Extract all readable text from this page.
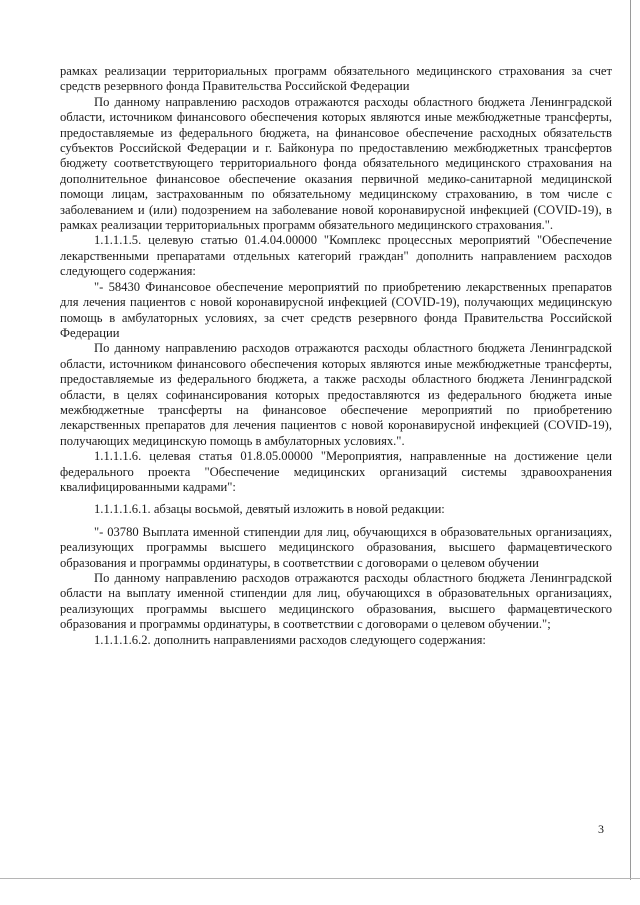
рамках реализации территориальных программ обязательного медицинского страхования за счет средств резервного фонда Правительства Российской Федерации

По данному направлению расходов отражаются расходы областного бюджета Ленинградской области, источником финансового обеспечения которых являются иные межбюджетные трансферты, предоставляемые из федерального бюджета, на финансовое обеспечение расходных обязательств субъектов Российской Федерации и г. Байконура по предоставлению межбюджетных трансфертов бюджету соответствующего территориального фонда обязательного медицинского страхования на дополнительное финансовое обеспечение оказания первичной медико-санитарной медицинской помощи лицам, застрахованным по обязательному медицинскому страхованию, в том числе с заболеванием и (или) подозрением на заболевание новой коронавирусной инфекцией (COVID-19), в рамках реализации территориальных программ обязательного медицинского страхования.".

1.1.1.1.5. целевую статью 01.4.04.00000 "Комплекс процессных мероприятий "Обеспечение лекарственными препаратами отдельных категорий граждан" дополнить направлением расходов следующего содержания:

"- 58430 Финансовое обеспечение мероприятий по приобретению лекарственных препаратов для лечения пациентов с новой коронавирусной инфекцией (COVID-19), получающих медицинскую помощь в амбулаторных условиях, за счет средств резервного фонда Правительства Российской Федерации

По данному направлению расходов отражаются расходы областного бюджета Ленинградской области, источником финансового обеспечения которых являются иные межбюджетные трансферты, предоставляемые из федерального бюджета, а также расходы областного бюджета Ленинградской области, в целях софинансирования которых предоставляются из федерального бюджета иные межбюджетные трансферты на финансовое обеспечение мероприятий по приобретению лекарственных препаратов для лечения пациентов с новой коронавирусной инфекцией (COVID-19), получающих медицинскую помощь в амбулаторных условиях.".

1.1.1.1.6. целевая статья 01.8.05.00000 "Мероприятия, направленные на достижение цели федерального проекта "Обеспечение медицинских организаций системы здравоохранения квалифицированными кадрами":

1.1.1.1.6.1. абзацы восьмой, девятый изложить в новой редакции:

"- 03780 Выплата именной стипендии для лиц, обучающихся в образовательных организациях, реализующих программы высшего медицинского образования, высшего фармацевтического образования и программы ординатуры, в соответствии с договорами о целевом обучении

По данному направлению расходов отражаются расходы областного бюджета Ленинградской области на выплату именной стипендии для лиц, обучающихся в образовательных организациях, реализующих программы высшего медицинского образования, высшего фармацевтического образования и программы ординатуры, в соответствии с договорами о целевом обучении.";

1.1.1.1.6.2. дополнить направлениями расходов следующего содержания:

3
